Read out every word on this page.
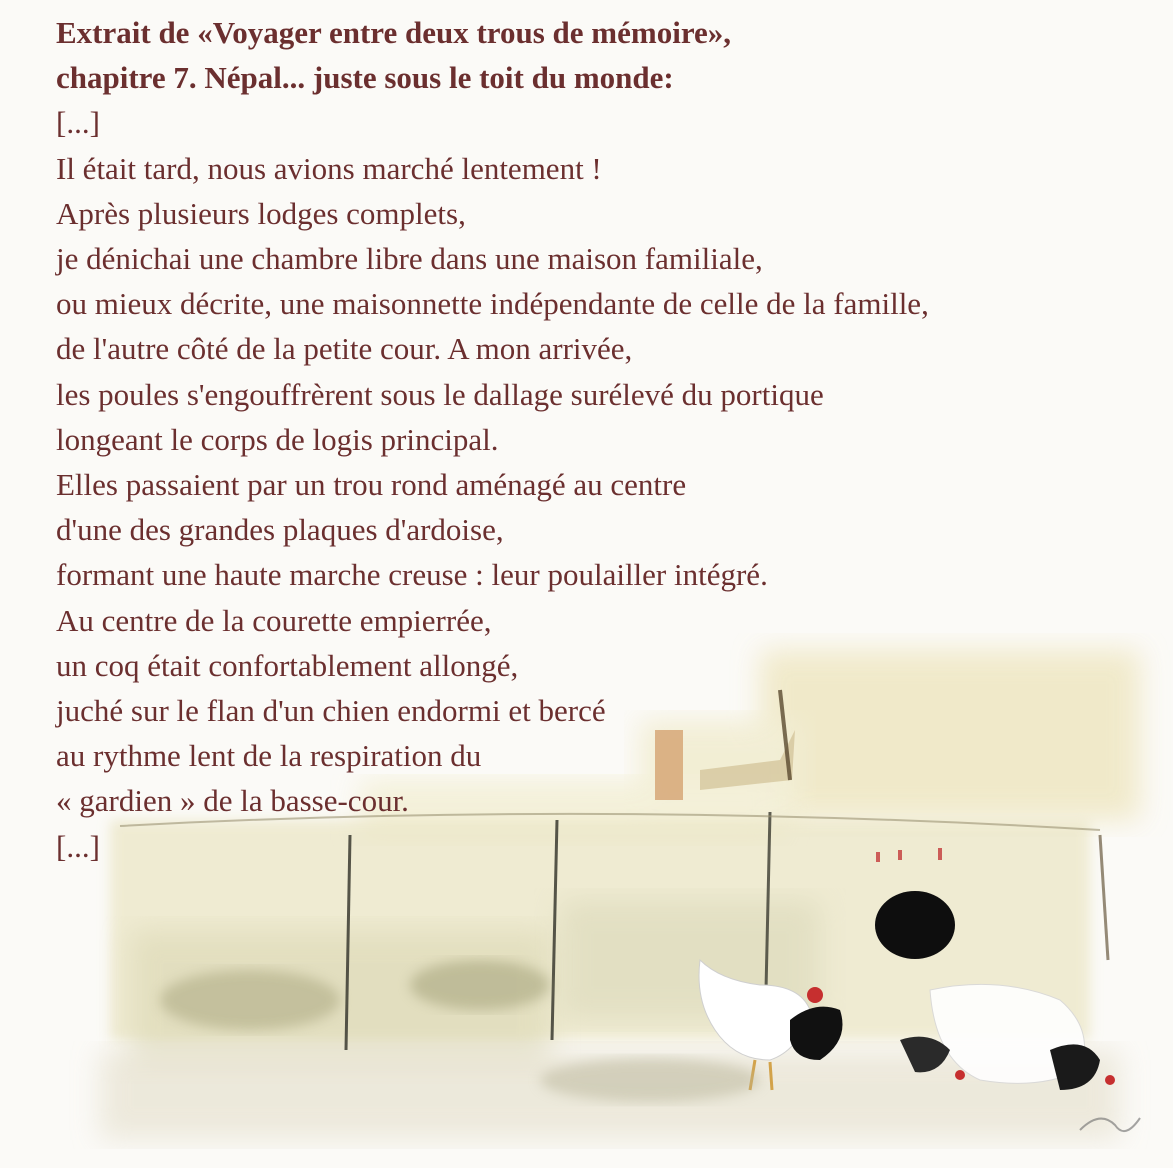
Extrait de «Voyager entre deux trous de mémoire»,
chapitre 7. Népal... juste sous le toit du monde:
[...]
Il était tard, nous avions marché lentement !
Après plusieurs lodges complets,
je dénichai une chambre libre dans une maison familiale,
ou mieux décrite, une maisonnette indépendante de celle de la famille,
de l'autre côté de la petite cour. A mon arrivée,
les poules s'engouffrèrent sous le dallage surélevé du portique
longeant le corps de logis principal.
Elles passaient par un trou rond aménagé au centre
d'une des grandes plaques d'ardoise,
formant une haute marche creuse : leur poulailler intégré.
Au centre de la courette empierrée,
un coq était confortablement allongé,
juché sur le flan d'un chien endormi et bercé
au rythme lent de la respiration du
« gardien » de la basse-cour.
[...]
